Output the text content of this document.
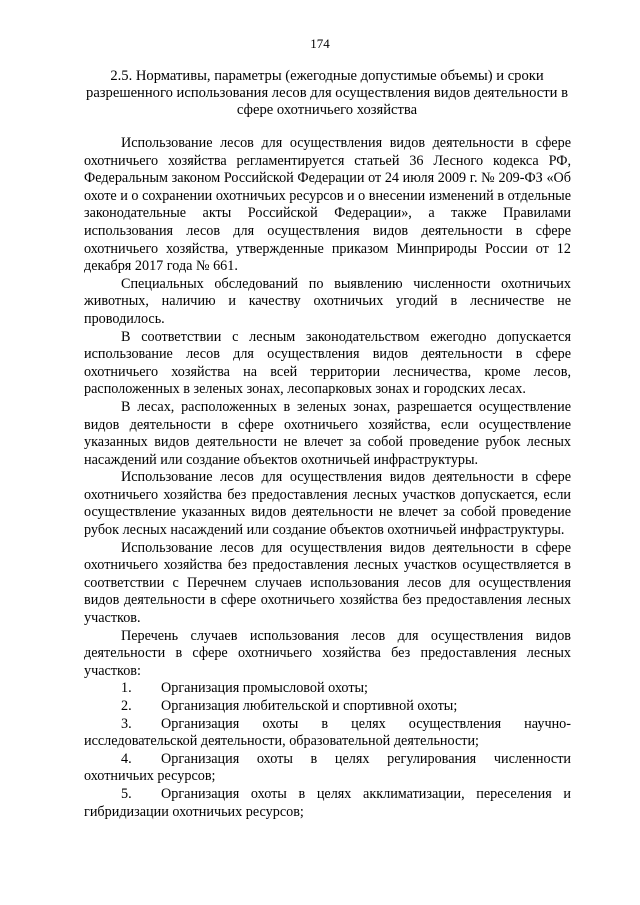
174
2.5. Нормативы, параметры (ежегодные допустимые объемы) и сроки разрешенного использования лесов для осуществления видов деятельности в сфере охотничьего хозяйства

Использование лесов для осуществления видов деятельности в сфере охотничьего хозяйства регламентируется статьей 36 Лесного кодекса РФ, Федеральным законом Российской Федерации от 24 июля 2009 г. № 209-ФЗ «Об охоте и о сохранении охотничьих ресурсов и о внесении изменений в отдельные законодательные акты Российской Федерации», а также Правилами использования лесов для осуществления видов деятельности в сфере охотничьего хозяйства, утвержденные приказом Минприроды России от 12 декабря 2017 года № 661.

Специальных обследований по выявлению численности охотничьих животных, наличию и качеству охотничьих угодий в лесничестве не проводилось.

В соответствии с лесным законодательством ежегодно допускается использование лесов для осуществления видов деятельности в сфере охотничьего хозяйства на всей территории лесничества, кроме лесов, расположенных в зеленых зонах, лесопарковых зонах и городских лесах.

В лесах, расположенных в зеленых зонах, разрешается осуществление видов деятельности в сфере охотничьего хозяйства, если осуществление указанных видов деятельности не влечет за собой проведение рубок лесных насаждений или создание объектов охотничьей инфраструктуры.

Использование лесов для осуществления видов деятельности в сфере охотничьего хозяйства без предоставления лесных участков допускается, если осуществление указанных видов деятельности не влечет за собой проведение рубок лесных насаждений или создание объектов охотничьей инфраструктуры.

Использование лесов для осуществления видов деятельности в сфере охотничьего хозяйства без предоставления лесных участков осуществляется в соответствии с Перечнем случаев использования лесов для осуществления видов деятельности в сфере охотничьего хозяйства без предоставления лесных участков.

Перечень случаев использования лесов для осуществления видов деятельности в сфере охотничьего хозяйства без предоставления лесных участков:

1. Организация промысловой охоты;

2. Организация любительской и спортивной охоты;

3. Организация охоты в целях осуществления научно-исследовательской деятельности, образовательной деятельности;

4. Организация охоты в целях регулирования численности охотничьих ресурсов;

5. Организация охоты в целях акклиматизации, переселения и гибридизации охотничьих ресурсов;
